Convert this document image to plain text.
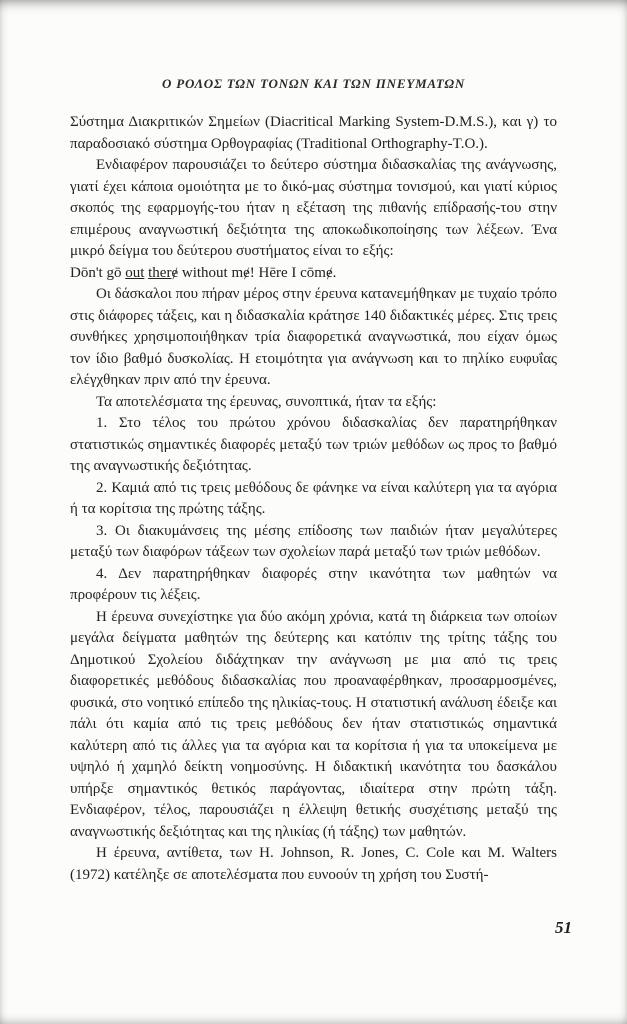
Ο ΡΟΛΟΣ ΤΩΝ ΤΟΝΩΝ ΚΑΙ ΤΩΝ ΠΝΕΥΜΑΤΩΝ

Σύστημα Διακριτικών Σημείων (Diacritical Marking System-D.M.S.), και γ) το παραδοσιακό σύστημα Ορθογραφίας (Traditional Orthography-T.O.).

Ενδιαφέρον παρουσιάζει το δεύτερο σύστημα διδασκαλίας της ανάγνωσης, γιατί έχει κάποια ομοιότητα με το δικό-μας σύστημα τονισμού, και γιατί κύριος σκοπός της εφαρμογής-του ήταν η εξέταση της πιθανής επίδρασής-του στην επιμέρους αναγνωστική δεξιότητα της αποκωδικοποίησης των λέξεων. Ένα μικρό δείγμα του δεύτερου συστήματος είναι το εξής:

Dōn't gō out therɇ without mɇ! Hēre I cōmɇ.

Οι δάσκαλοι που πήραν μέρος στην έρευνα κατανεμήθηκαν με τυχαίο τρόπο στις διάφορες τάξεις, και η διδασκαλία κράτησε 140 διδακτικές μέρες. Στις τρεις συνθήκες χρησιμοποιήθηκαν τρία διαφορετικά αναγνωστικά, που είχαν όμως τον ίδιο βαθμό δυσκολίας. Η ετοιμότητα για ανάγνωση και το πηλίκο ευφυΐας ελέγχθηκαν πριν από την έρευνα.

Τα αποτελέσματα της έρευνας, συνοπτικά, ήταν τα εξής:

1. Στο τέλος του πρώτου χρόνου διδασκαλίας δεν παρατηρήθηκαν στατιστικώς σημαντικές διαφορές μεταξύ των τριών μεθόδων ως προς το βαθμό της αναγνωστικής δεξιότητας.

2. Καμιά από τις τρεις μεθόδους δε φάνηκε να είναι καλύτερη για τα αγόρια ή τα κορίτσια της πρώτης τάξης.

3. Οι διακυμάνσεις της μέσης επίδοσης των παιδιών ήταν μεγαλύτερες μεταξύ των διαφόρων τάξεων των σχολείων παρά μεταξύ των τριών μεθόδων.

4. Δεν παρατηρήθηκαν διαφορές στην ικανότητα των μαθητών να προφέρουν τις λέξεις.

Η έρευνα συνεχίστηκε για δύο ακόμη χρόνια, κατά τη διάρκεια των οποίων μεγάλα δείγματα μαθητών της δεύτερης και κατόπιν της τρίτης τάξης του Δημοτικού Σχολείου διδάχτηκαν την ανάγνωση με μια από τις τρεις διαφορετικές μεθόδους διδασκαλίας που προαναφέρθηκαν, προσαρμοσμένες, φυσικά, στο νοητικό επίπεδο της ηλικίας-τους. Η στατιστική ανάλυση έδειξε και πάλι ότι καμία από τις τρεις μεθόδους δεν ήταν στατιστικώς σημαντικά καλύτερη από τις άλλες για τα αγόρια και τα κορίτσια ή για τα υποκείμενα με υψηλό ή χαμηλό δείκτη νοημοσύνης. Η διδακτική ικανότητα του δασκάλου υπήρξε σημαντικός θετικός παράγοντας, ιδιαίτερα στην πρώτη τάξη. Ενδιαφέρον, τέλος, παρουσιάζει η έλλειψη θετικής συσχέτισης μεταξύ της αναγνωστικής δεξιότητας και της ηλικίας (ή τάξης) των μαθητών.

Η έρευνα, αντίθετα, των H. Johnson, R. Jones, C. Cole και M. Walters (1972) κατέληξε σε αποτελέσματα που ευνοούν τη χρήση του Συστή-

51
